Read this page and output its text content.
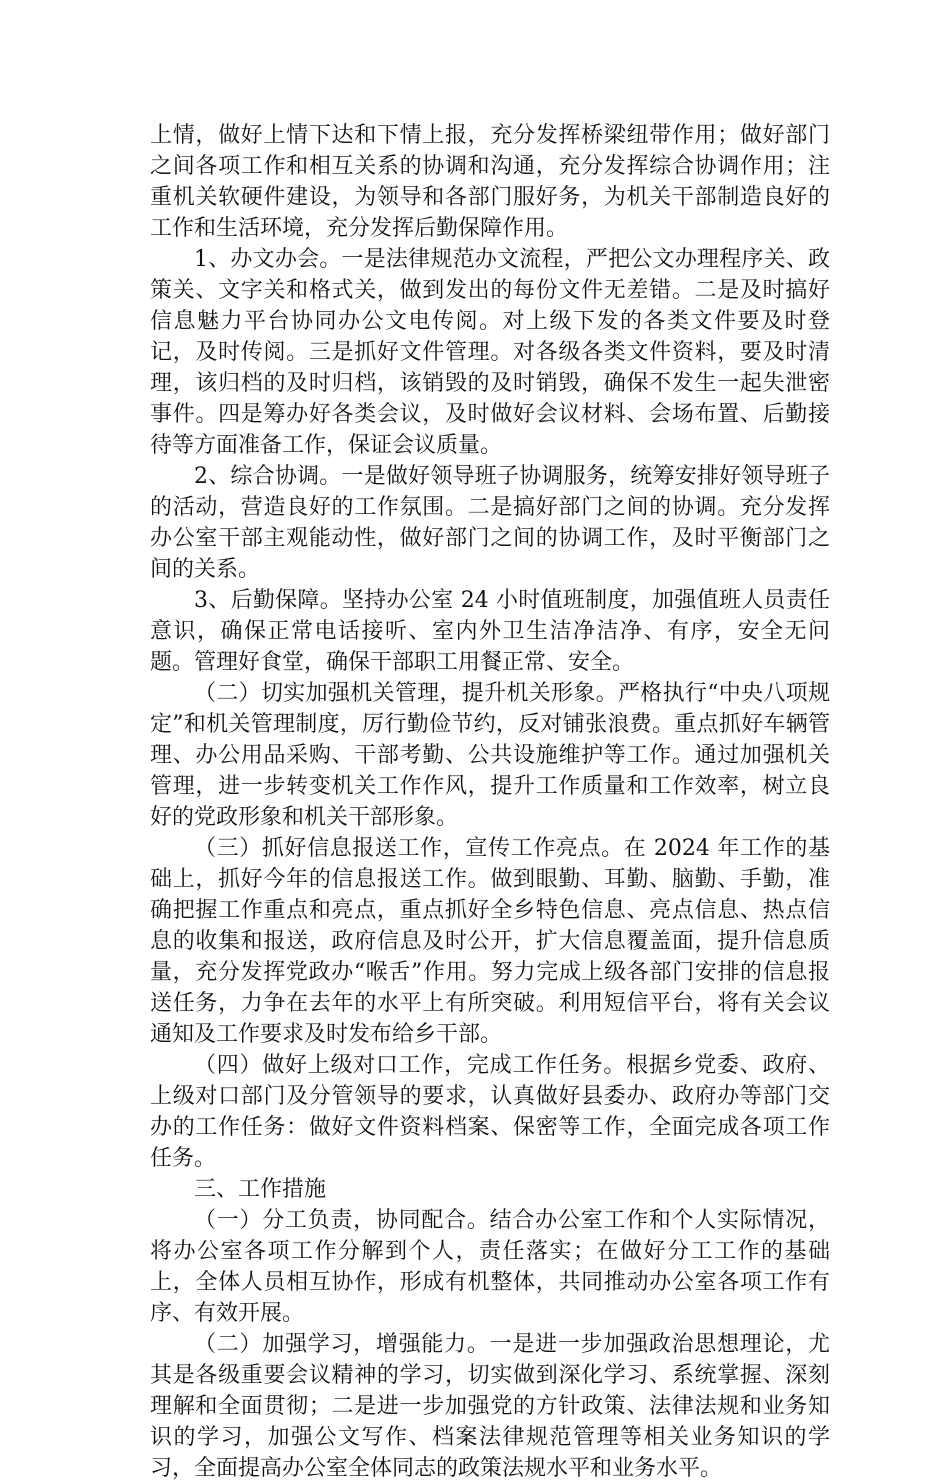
上情，做好上情下达和下情上报，充分发挥桥梁纽带作用；做好部门之间各项工作和相互关系的协调和沟通，充分发挥综合协调作用；注重机关软硬件建设，为领导和各部门服好务，为机关干部制造良好的工作和生活环境，充分发挥后勤保障作用。

1、办文办会。一是法律规范办文流程，严把公文办理程序关、政策关、文字关和格式关，做到发出的每份文件无差错。二是及时搞好信息魅力平台协同办公文电传阅。对上级下发的各类文件要及时登记，及时传阅。三是抓好文件管理。对各级各类文件资料，要及时清理，该归档的及时归档，该销毁的及时销毁，确保不发生一起失泄密事件。四是筹办好各类会议，及时做好会议材料、会场布置、后勤接待等方面准备工作，保证会议质量。

2、综合协调。一是做好领导班子协调服务，统筹安排好领导班子的活动，营造良好的工作氛围。二是搞好部门之间的协调。充分发挥办公室干部主观能动性，做好部门之间的协调工作，及时平衡部门之间的关系。

3、后勤保障。坚持办公室 24 小时值班制度，加强值班人员责任意识，确保正常电话接听、室内外卫生洁净洁净、有序，安全无问题。管理好食堂，确保干部职工用餐正常、安全。

（二）切实加强机关管理，提升机关形象。严格执行“中央八项规定”和机关管理制度，厉行勤俭节约，反对铺张浪费。重点抓好车辆管理、办公用品采购、干部考勤、公共设施维护等工作。通过加强机关管理，进一步转变机关工作作风，提升工作质量和工作效率，树立良好的党政形象和机关干部形象。

（三）抓好信息报送工作，宣传工作亮点。在 2024 年工作的基础上，抓好今年的信息报送工作。做到眼勤、耳勤、脑勤、手勤，准确把握工作重点和亮点，重点抓好全乡特色信息、亮点信息、热点信息的收集和报送，政府信息及时公开，扩大信息覆盖面，提升信息质量，充分发挥党政办“喉舌”作用。努力完成上级各部门安排的信息报送任务，力争在去年的水平上有所突破。利用短信平台，将有关会议通知及工作要求及时发布给乡干部。

（四）做好上级对口工作，完成工作任务。根据乡党委、政府、上级对口部门及分管领导的要求，认真做好县委办、政府办等部门交办的工作任务：做好文件资料档案、保密等工作，全面完成各项工作任务。

三、工作措施

（一）分工负责，协同配合。结合办公室工作和个人实际情况，将办公室各项工作分解到个人，责任落实；在做好分工工作的基础上，全体人员相互协作，形成有机整体，共同推动办公室各项工作有序、有效开展。

（二）加强学习，增强能力。一是进一步加强政治思想理论，尤其是各级重要会议精神的学习，切实做到深化学习、系统掌握、深刻理解和全面贯彻；二是进一步加强党的方针政策、法律法规和业务知识的学习，加强公文写作、档案法律规范管理等相关业务知识的学习，全面提高办公室全体同志的政策法规水平和业务水平。
